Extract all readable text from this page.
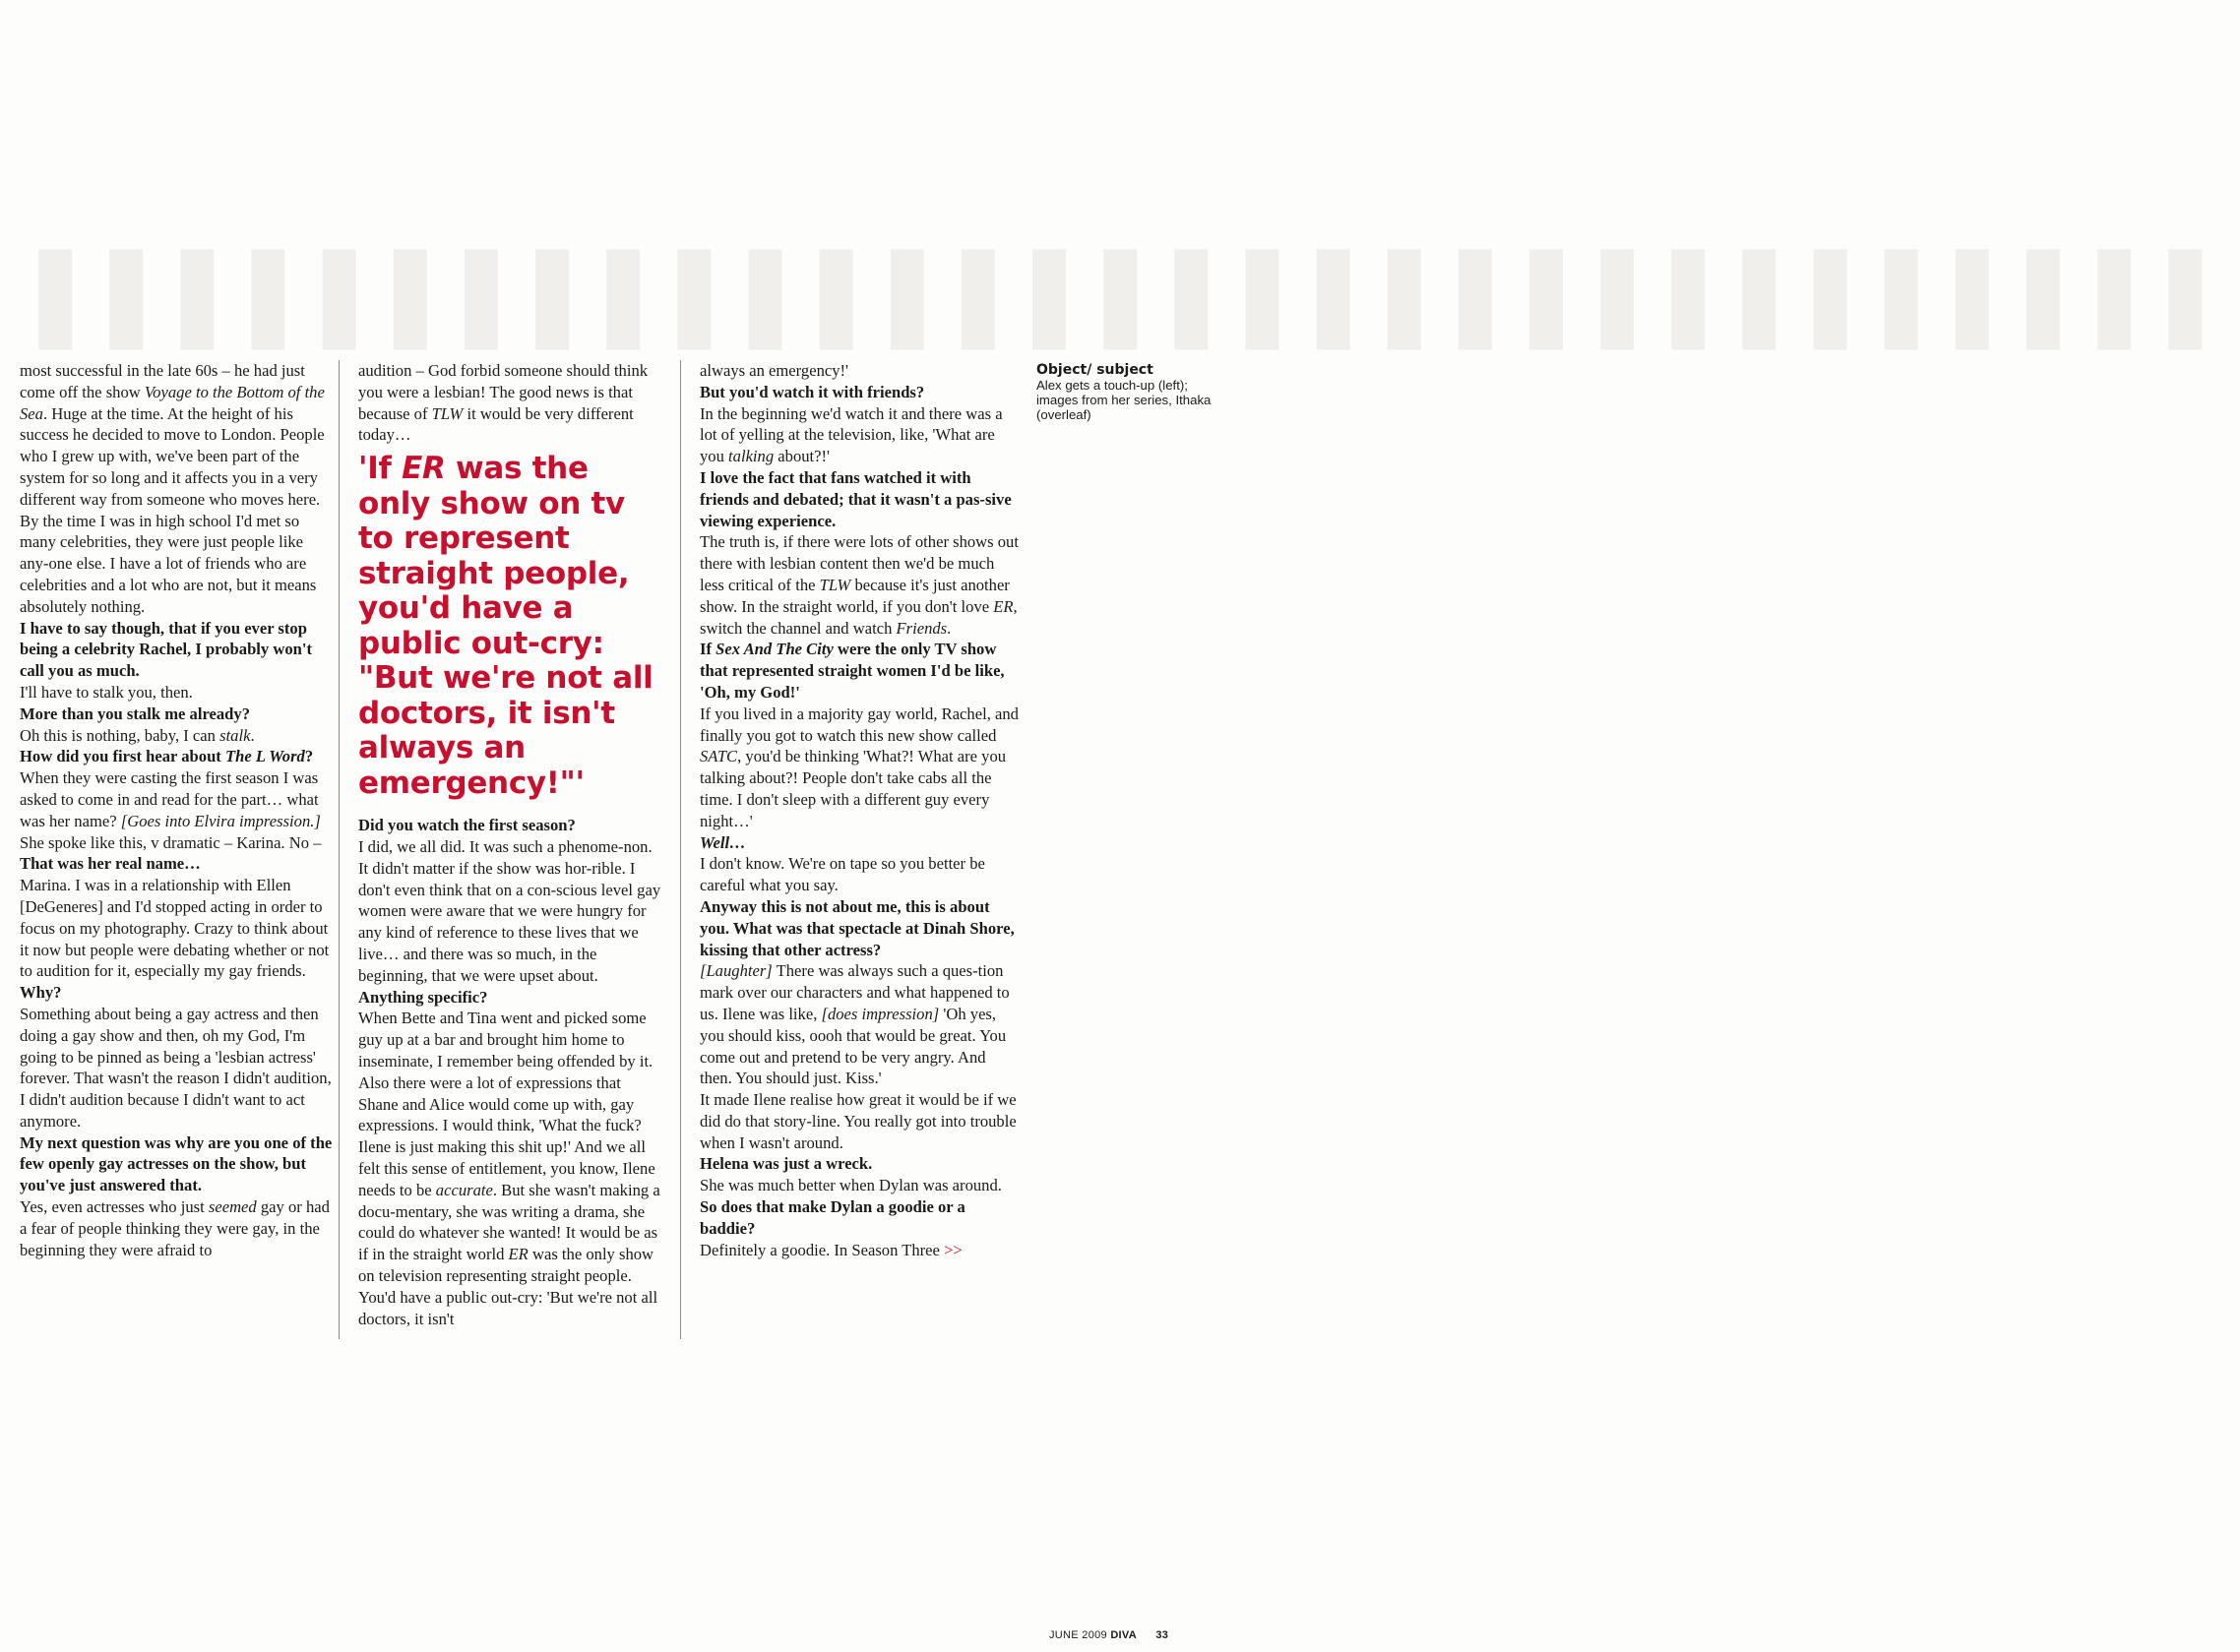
▌▌▌▌▌▌▌▌▌▌▌▌▌▌▌▌▌▌▌▌▌▌▌▌▌▌▌▌▌▌▌

most successful in the late 60s – he had just come off the show Voyage to the Bottom of the Sea. Huge at the time. At the height of his success he decided to move to London. People who I grew up with, we've been part of the system for so long and it affects you in a very different way from someone who moves here. By the time I was in high school I'd met so many celebrities, they were just people like any-one else. I have a lot of friends who are celebrities and a lot who are not, but it means absolutely nothing.

I have to say though, that if you ever stop being a celebrity Rachel, I probably won't call you as much.

I'll have to stalk you, then.

More than you stalk me already?

Oh this is nothing, baby, I can stalk.

How did you first hear about The L Word?

When they were casting the first season I was asked to come in and read for the part… what was her name? [Goes into Elvira impression.] She spoke like this, v dramatic – Karina. No –

That was her real name…

Marina. I was in a relationship with Ellen [DeGeneres] and I'd stopped acting in order to focus on my photography. Crazy to think about it now but people were debating whether or not to audition for it, especially my gay friends.

Why?

Something about being a gay actress and then doing a gay show and then, oh my God, I'm going to be pinned as being a 'lesbian actress' forever. That wasn't the reason I didn't audition, I didn't audition because I didn't want to act anymore.

My next question was why are you one of the few openly gay actresses on the show, but you've just answered that.

Yes, even actresses who just seemed gay or had a fear of people thinking they were gay, in the beginning they were afraid to

audition – God forbid someone should think you were a lesbian! The good news is that because of TLW it would be very different today…

'If ER was the only show on tv to represent straight people, you'd have a public out-cry: "But we're not all doctors, it isn't always an emergency!"'

Did you watch the first season?

I did, we all did. It was such a phenome-non. It didn't matter if the show was hor-rible. I don't even think that on a con-scious level gay women were aware that we were hungry for any kind of reference to these lives that we live… and there was so much, in the beginning, that we were upset about.

Anything specific?

When Bette and Tina went and picked some guy up at a bar and brought him home to inseminate, I remember being offended by it. Also there were a lot of expressions that Shane and Alice would come up with, gay expressions. I would think, 'What the fuck? Ilene is just making this shit up!' And we all felt this sense of entitlement, you know, Ilene needs to be accurate. But she wasn't making a docu-mentary, she was writing a drama, she could do whatever she wanted! It would be as if in the straight world ER was the only show on television representing straight people. You'd have a public out-cry: 'But we're not all doctors, it isn't

always an emergency!'

But you'd watch it with friends?

In the beginning we'd watch it and there was a lot of yelling at the television, like, 'What are you talking about?!'

I love the fact that fans watched it with friends and debated; that it wasn't a pas-sive viewing experience.

The truth is, if there were lots of other shows out there with lesbian content then we'd be much less critical of the TLW because it's just another show. In the straight world, if you don't love ER, switch the channel and watch Friends.

If Sex And The City were the only TV show that represented straight women I'd be like, 'Oh, my God!'

If you lived in a majority gay world, Rachel, and finally you got to watch this new show called SATC, you'd be thinking 'What?! What are you talking about?! People don't take cabs all the time. I don't sleep with a different guy every night…'

Well…

I don't know. We're on tape so you better be careful what you say.

Anyway this is not about me, this is about you. What was that spectacle at Dinah Shore, kissing that other actress?

[Laughter] There was always such a ques-tion mark over our characters and what happened to us. Ilene was like, [does impression] 'Oh yes, you should kiss, oooh that would be great. You come out and pretend to be very angry. And then. You should just. Kiss.'

It made Ilene realise how great it would be if we did do that story-line. You really got into trouble when I wasn't around.

Helena was just a wreck.

She was much better when Dylan was around.

So does that make Dylan a goodie or a baddie?

Definitely a goodie. In Season Three >>

Object/ subject
Alex gets a touch-up (left); images from her series, Ithaka (overleaf)
JUNE 2009 DIVA 33
